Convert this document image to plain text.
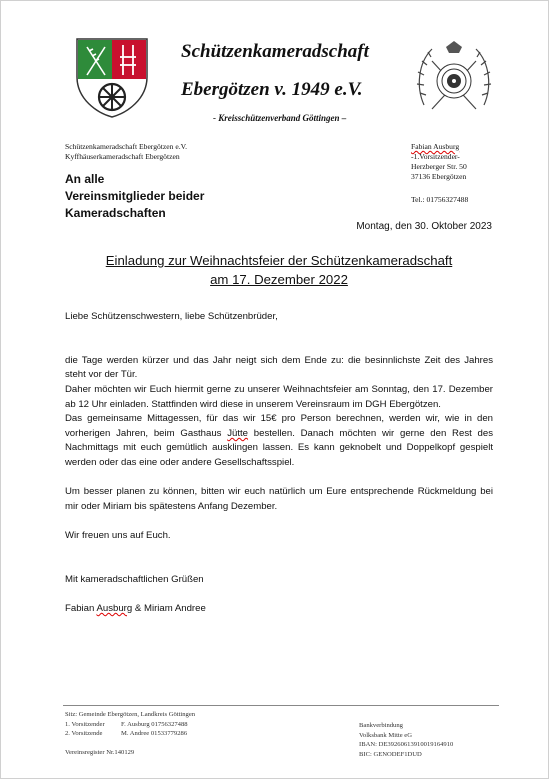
Schützenkameradschaft
Ebergötzen v. 1949 e.V.
- Kreisschützenverband Göttingen –
Schützenkameradschaft Ebergötzen e.V.
Kyffhäuserkameradschaft Ebergötzen
An alle
Vereinsmitglieder beider
Kameradschaften
Fabian Ausburg
-1.Vorsitzender-
Herzberger Str. 50
37136 Ebergötzen
Tel.: 01756327488
Montag, den 30. Oktober 2023
Einladung zur Weihnachtsfeier der Schützenkameradschaft
am 17. Dezember 2022

Liebe Schützenschwestern, liebe Schützenbrüder,

die Tage werden kürzer und das Jahr neigt sich dem Ende zu: die besinnlichste Zeit des Jahres steht vor der Tür.

Daher möchten wir Euch hiermit gerne zu unserer Weihnachtsfeier am Sonntag, den 17. Dezember ab 12 Uhr einladen. Stattfinden wird diese in unserem Vereinsraum im DGH Ebergötzen.

Das gemeinsame Mittagessen, für das wir 15€ pro Person berechnen, werden wir, wie in den vorherigen Jahren, beim Gasthaus Jütte bestellen. Danach möchten wir gerne den Rest des Nachmittags mit euch gemütlich ausklingen lassen. Es kann geknobelt und Doppelkopf gespielt werden oder das eine oder andere Gesellschaftsspiel.

Um besser planen zu können, bitten wir euch natürlich um Eure entsprechende Rückmeldung bei mir oder Miriam bis spätestens Anfang Dezember.

Wir freuen uns auf Euch.

Mit kameradschaftlichen Grüßen

Fabian Ausburg & Miriam Andree

Sitz: Gemeinde Ebergötzen, Landkreis Göttingen
1. Vorsitzender F. Ausburg 01756327488
2. Vorsitzende	M. Andree 01533779286
Vereinsregister Nr.140129
Bankverbindung
Volksbank Mitte eG
IBAN: DE39260613910019164910
BIC: GENODEF1DUD
